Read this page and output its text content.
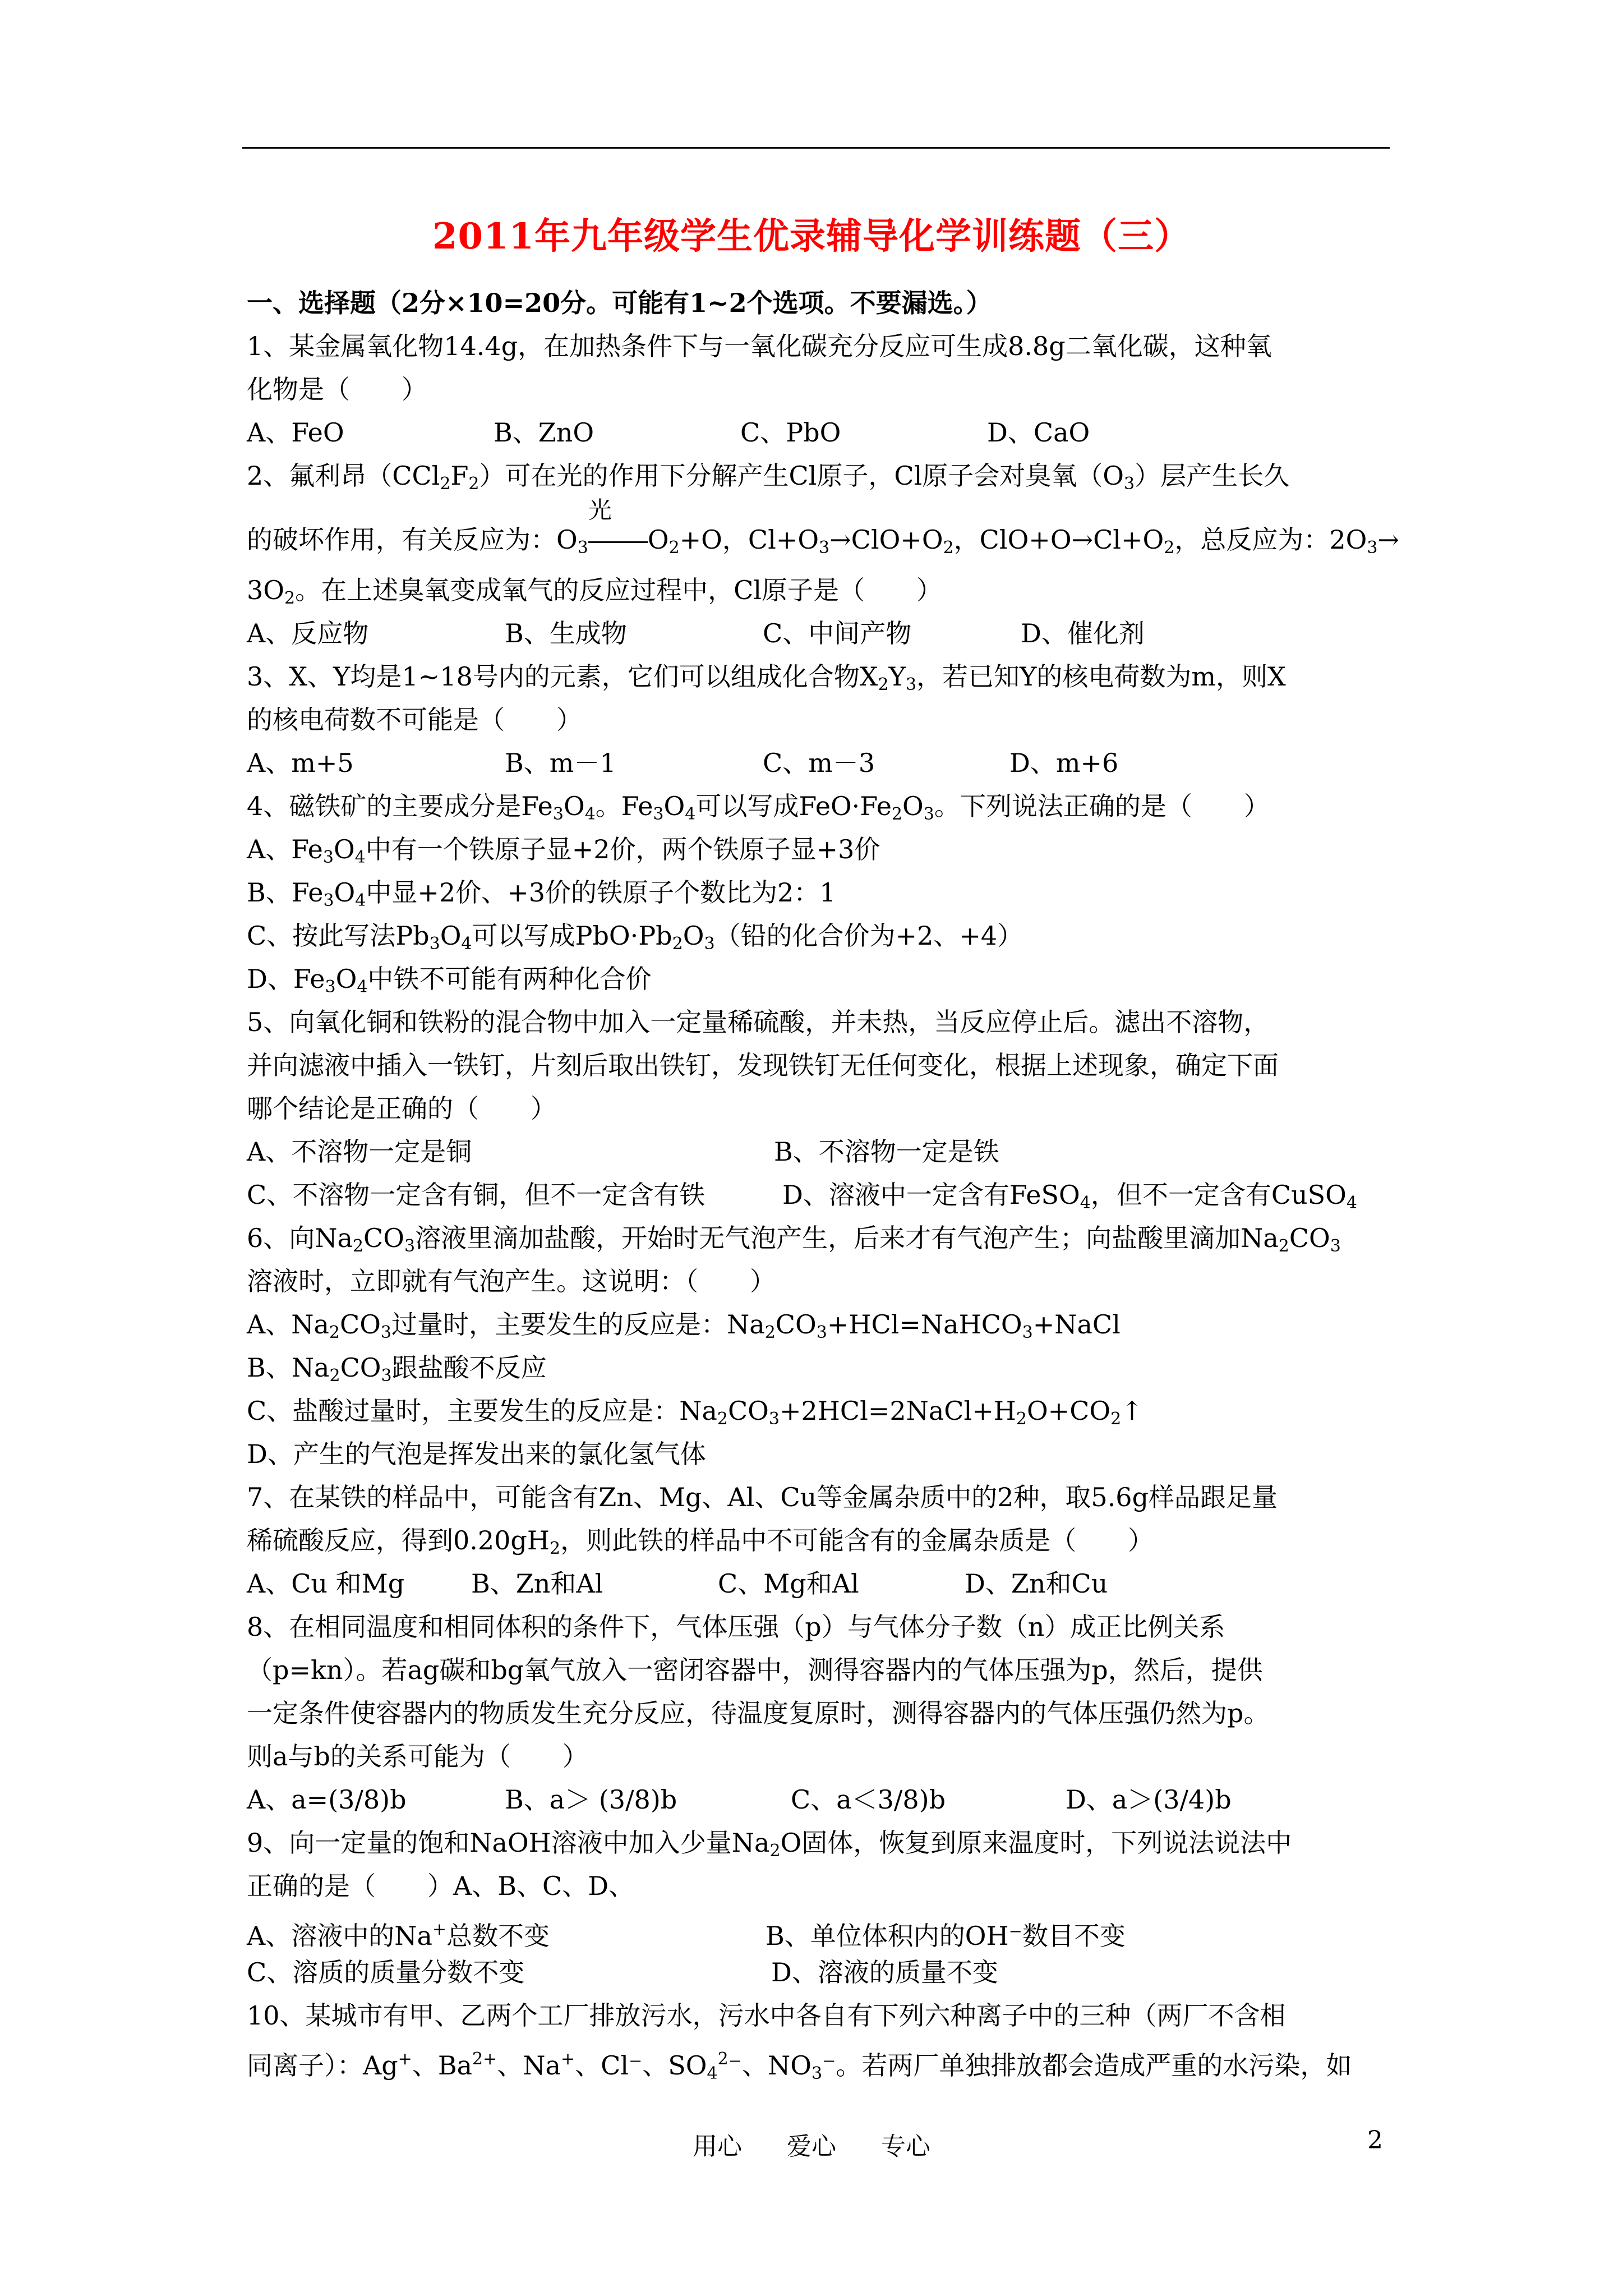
2011年九年级学生优录辅导化学训练题（三）
一、选择题（2分×10=20分。可能有1~2个选项。不要漏选。）
1、某金属氧化物14.4g，在加热条件下与一氧化碳充分反应可生成8.8g二氧化碳，这种氧
化物是（　　）
A、FeO	B、ZnO	C、PbO	D、CaO
2、氟利昂$(CCl_2F_2)$可在光的作用下分解产生Cl原子，Cl原子会对臭氧$(O_3)$层产生长久
的破坏作用，有关反应为：$O_3$
光
$O_2+O$，$Cl+O_3\to ClO+O_2$，$ClO+O\to Cl+O_2$，总反应为：$2O_3\to$
$3O_2$。在上述臭氧变成氧气的反应过程中，Cl原子是（　　）
A、反应物	B、生成物	C、中间产物	D、催化剂
3、X、Y均是1~18号内的元素，它们可以组成化合物$X_2Y_3$，若已知Y的核电荷数为m，则X
的核电荷数不可能是（　　）
A、m+5	B、m－1	C、m－3	D、m+6
4、磁铁矿的主要成分是$Fe_3O_4$。$Fe_3O_4$可以写成$FeO\cdot Fe_2O_3$。下列说法正确的是（　　）
A、$Fe_3O_4$中有一个铁原子显+2价，两个铁原子显+3价
B、$Fe_3O_4$中显+2价、+3价的铁原子个数比为2：1
C、按此写法$Pb_3O_4$可以写成$PbO\cdot Pb_2O_3$（铅的化合价为+2、+4）
D、$Fe_3O_4$中铁不可能有两种化合价
5、向氧化铜和铁粉的混合物中加入一定量稀硫酸，并未热，当反应停止后。滤出不溶物，
并向滤液中插入一铁钉，片刻后取出铁钉，发现铁钉无任何变化，根据上述现象，确定下面
哪个结论是正确的（　　）
A、不溶物一定是铜	B、不溶物一定是铁
C、不溶物一定含有铜，但不一定含有铁	D、溶液中一定含有FeSO$_4$，但不一定含有CuSO$_4$
6、向$Na_2CO_3$溶液里滴加盐酸，开始时无气泡产生，后来才有气泡产生；向盐酸里滴加$Na_2CO_3$
溶液时，立即就有气泡产生。这说明：（　　）
A、$Na_2CO_3$过量时，主要发生的反应是：$Na_2CO_3+HCl=NaHCO_3+NaCl$
B、$Na_2CO_3$跟盐酸不反应
C、盐酸过量时，主要发生的反应是：$Na_2CO_3+2HCl=2NaCl+H_2O+CO_2↑$
D、产生的气泡是挥发出来的氯化氢气体
7、在某铁的样品中，可能含有Zn、Mg、Al、Cu等金属杂质中的2种，取5.6g样品跟足量
稀硫酸反应，得到$0.20gH_2$，则此铁的样品中不可能含有的金属杂质是（　　）
A、Cu 和Mg	B、Zn和Al	C、Mg和Al	D、Zn和Cu
8、在相同温度和相同体积的条件下，气体压强（p）与气体分子数（n）成正比例关系
（p=kn）。若ag碳和bg氧气放入一密闭容器中，测得容器内的气体压强为p，然后，提供
一定条件使容器内的物质发生充分反应，待温度复原时，测得容器内的气体压强仍然为p。
则a与b的关系可能为（　　）
A、a=(3/8)b	B、a＞ (3/8)b	C、a＜3/8)b	D、a＞(3/4)b
9、向一定量的饱和NaOH溶液中加入少量$Na_2O$固体，恢复到原来温度时，下列说法说法中
正确的是（　　）A、B、C、D、
A、溶液中的Na+总数不变	B、单位体积内的OH⁻数目不变
C、溶质的质量分数不变	D、溶液的质量不变
10、某城市有甲、乙两个工厂排放污水，污水中各自有下列六种离子中的三种（两厂不含相
同离子）：Ag+、$Ba^{2+}$、Na+、Cl⁻、$SO_4^2^-$、$NO_3^-$。若两厂单独排放都会造成严重的水污染，如
用心 爱心 专心	2
